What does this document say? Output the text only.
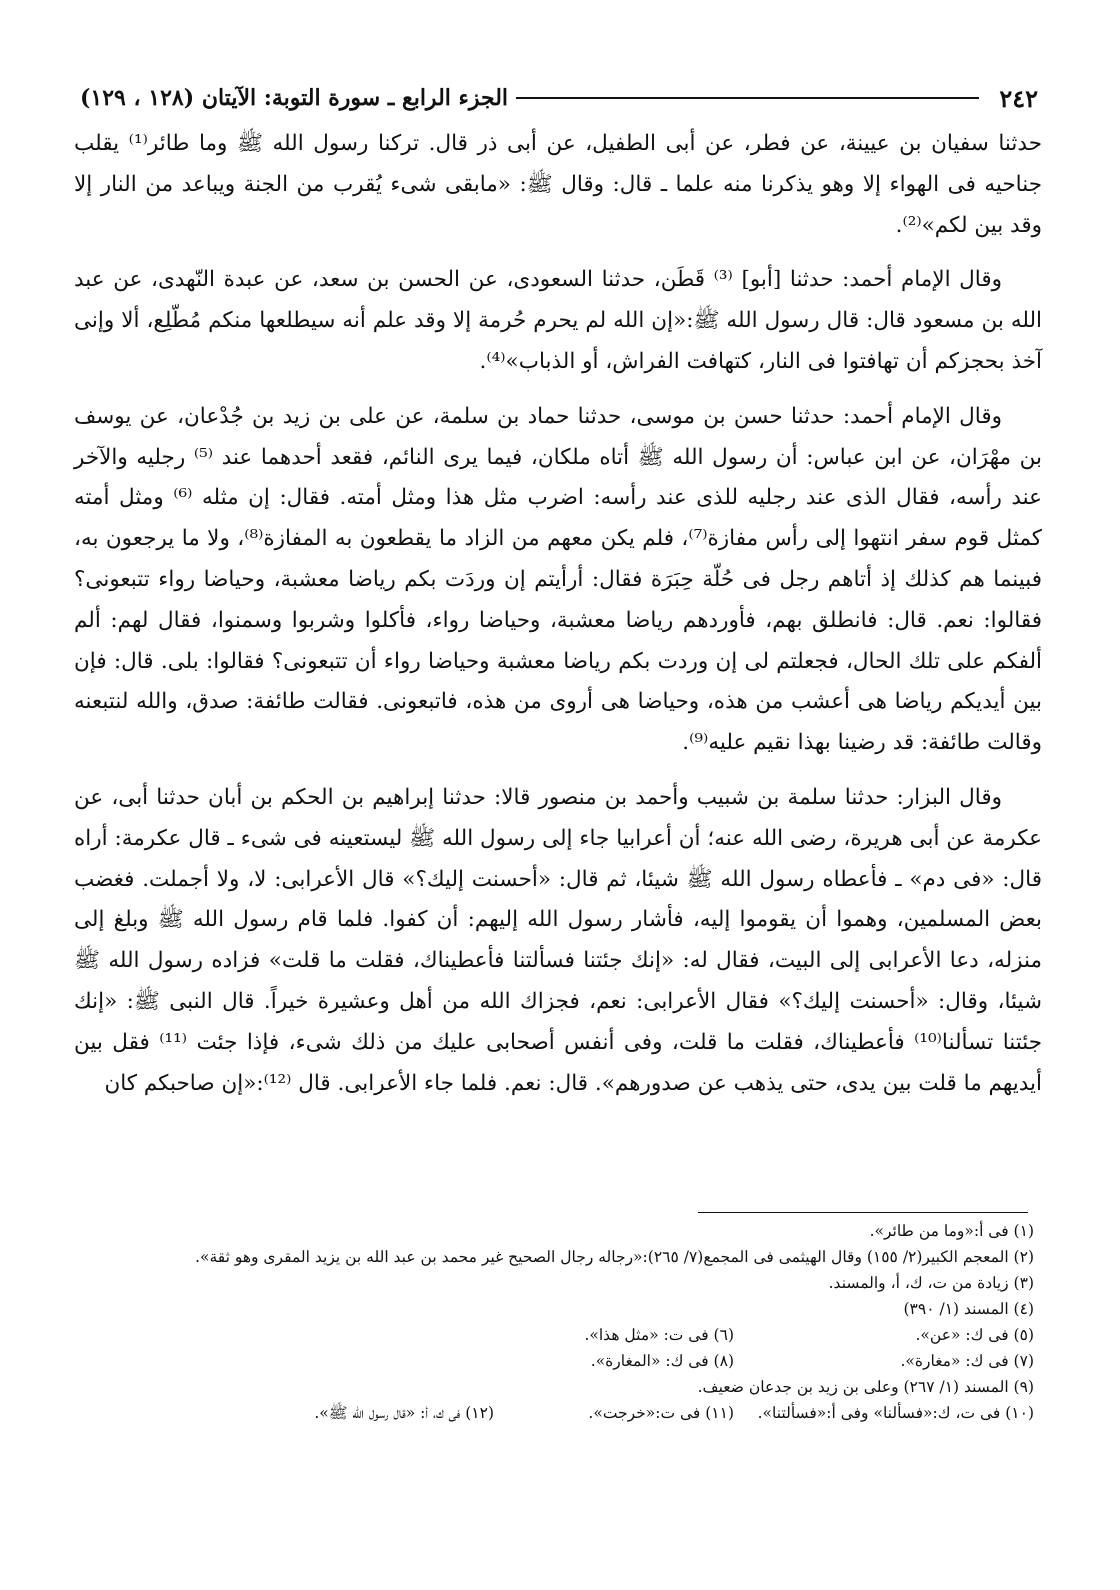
٢٤٢
الجزء الرابع ـ سورة التوبة: الآيتان (١٢٨ ، ١٢٩)

حدثنا سفيان بن عيينة، عن فطر، عن أبى الطفيل، عن أبى ذر قال. تركنا رسول الله ﷺ وما طائر⁽¹⁾ يقلب جناحيه فى الهواء إلا وهو يذكرنا منه علما ـ قال: وقال ﷺ: «مابقى شىء يُقرب من الجنة ويباعد من النار إلا وقد بين لكم»⁽²⁾.

وقال الإمام أحمد: حدثنا [أبو] ⁽³⁾ قَطَن، حدثنا السعودى، عن الحسن بن سعد، عن عبدة النّهدى، عن عبد الله بن مسعود قال: قال رسول الله ﷺ:«إن الله لم يحرم حُرمة إلا وقد علم أنه سيطلعها منكم مُطّلِع، ألا وإنى آخذ بحجزكم أن تهافتوا فى النار، كتهافت الفراش، أو الذباب»⁽⁴⁾.

وقال الإمام أحمد: حدثنا حسن بن موسى، حدثنا حماد بن سلمة، عن على بن زيد بن جُدْعان، عن يوسف بن مهْرَان، عن ابن عباس: أن رسول الله ﷺ أتاه ملكان، فيما يرى النائم، فقعد أحدهما عند ⁽⁵⁾ رجليه والآخر عند رأسه، فقال الذى عند رجليه للذى عند رأسه: اضرب مثل هذا ومثل أمته. فقال: إن مثله ⁽⁶⁾ ومثل أمته كمثل قوم سفر انتهوا إلى رأس مفازة⁽⁷⁾، فلم يكن معهم من الزاد ما يقطعون به المفازة⁽⁸⁾، ولا ما يرجعون به، فبينما هم كذلك إذ أتاهم رجل فى حُلّة حِبَرَة فقال: أرأيتم إن وردَت بكم رياضا معشبة، وحياضا رواء تتبعونى؟ فقالوا: نعم. قال: فانطلق بهم، فأوردهم رياضا معشبة، وحياضا رواء، فأكلوا وشربوا وسمنوا، فقال لهم: ألم ألفكم على تلك الحال، فجعلتم لى إن وردت بكم رياضا معشبة وحياضا رواء أن تتبعونى؟ فقالوا: بلى. قال: فإن بين أيديكم رياضا هى أعشب من هذه، وحياضا هى أروى من هذه، فاتبعونى. فقالت طائفة: صدق، والله لنتبعنه وقالت طائفة: قد رضينا بهذا نقيم عليه⁽⁹⁾.

وقال البزار: حدثنا سلمة بن شبيب وأحمد بن منصور قالا: حدثنا إبراهيم بن الحكم بن أبان حدثنا أبى، عن عكرمة عن أبى هريرة، رضى الله عنه؛ أن أعرابيا جاء إلى رسول الله ﷺ ليستعينه فى شىء ـ قال عكرمة: أراه قال: «فى دم» ـ فأعطاه رسول الله ﷺ شيئا، ثم قال: «أحسنت إليك؟» قال الأعرابى: لا، ولا أجملت. فغضب بعض المسلمين، وهموا أن يقوموا إليه، فأشار رسول الله إليهم: أن كفوا. فلما قام رسول الله ﷺ وبلغ إلى منزله، دعا الأعرابى إلى البيت، فقال له: «إنك جئتنا فسألتنا فأعطيناك، فقلت ما قلت» فزاده رسول الله ﷺ شيئا، وقال: «أحسنت إليك؟» فقال الأعرابى: نعم، فجزاك الله من أهل وعشيرة خيراً. قال النبى ﷺ: «إنك جئتنا تسألنا⁽¹⁰⁾ فأعطيناك، فقلت ما قلت، وفى أنفس أصحابى عليك من ذلك شىء، فإذا جئت ⁽¹¹⁾ فقل بين أيديهم ما قلت بين يدى، حتى يذهب عن صدورهم». قال: نعم. فلما جاء الأعرابى. قال ⁽¹²⁾:«إن صاحبكم كان

(١) فى أ:«وما من طائر».

(٢) المعجم الكبير(٢/ ١٥٥) وقال الهيثمى فى المجمع(٧/ ٢٦٥):«رجاله رجال الصحيح غير محمد بن عبد الله بن يزيد المقرى وهو ثقة».

(٣) زيادة من ت، ك، أ، والمسند.

(٤) المسند (١/ ٣٩٠)

(٥) فى ك: «عن».
(٦) فى ت: «مثل هذا».
(٧) فى ك: «مغارة».
(٨) فى ك: «المغارة».

(٩) المسند (١/ ٢٦٧) وعلى بن زيد بن جدعان ضعيف.

(١٠) فى ت، ك:«فسألنا» وفى أ:«فسألتنا».
(١١) فى ت:«خرجت».
(١٢) فى ك، أ: «قال رسول الله ﷺ».
